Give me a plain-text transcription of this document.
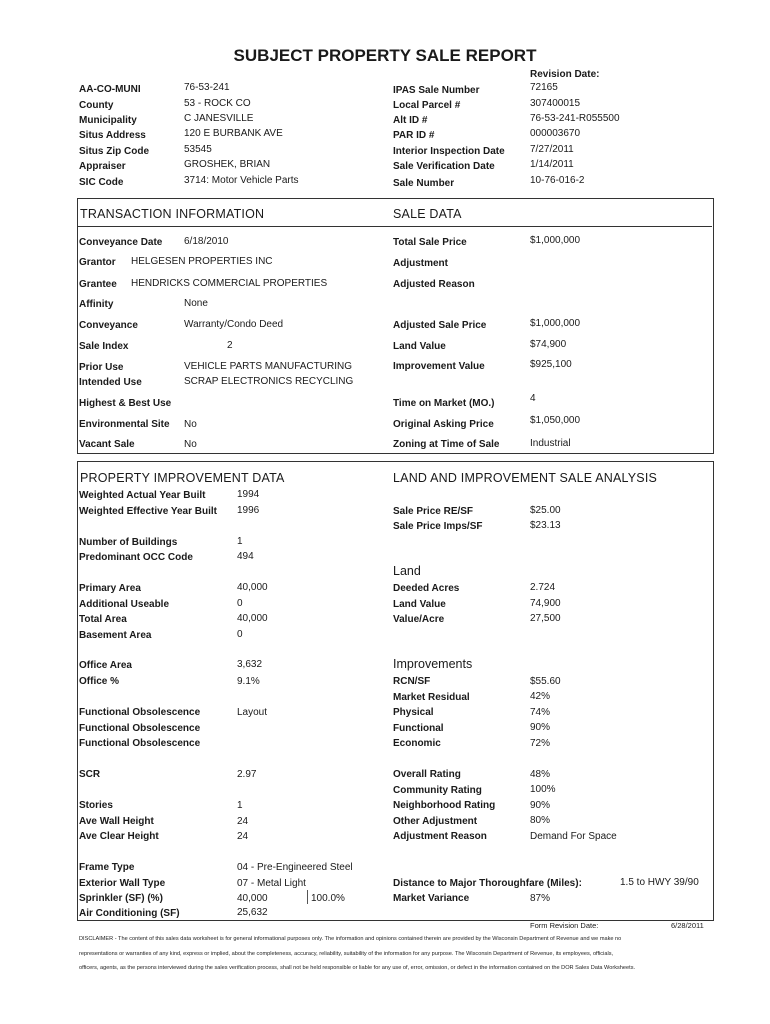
SUBJECT PROPERTY SALE REPORT
AA-CO-MUNI	76-53-241
County	53 - ROCK CO
Municipality	C JANESVILLE
Situs Address	120 E BURBANK AVE
Situs Zip Code	53545
Appraiser	GROSHEK, BRIAN
SIC Code	3714: Motor Vehicle Parts
Revision Date:
IPAS Sale Number	72165
Local Parcel #	307400015
Alt ID #	76-53-241-R055500
PAR ID #	000003670
Interior Inspection Date	7/27/2011
Sale Verification Date	1/14/2011
Sale Number	10-76-016-2
TRANSACTION INFORMATION	SALE DATA
Conveyance Date 6/18/2010
Grantor HELGESEN PROPERTIES INC
Grantee HENDRICKS COMMERCIAL PROPERTIES
Affinity	None
Conveyance	Warranty/Condo Deed
Sale Index	2
Prior Use	VEHICLE PARTS MANUFACTURING
Intended Use	SCRAP ELECTRONICS RECYCLING
Highest & Best Use
Environmental Site No
Vacant Sale	No
Total Sale Price	$1,000,000
Adjustment
Adjusted Reason
Adjusted Sale Price	$1,000,000
Land Value	$74,900
Improvement Value	$925,100
Time on Market (MO.)	4
Original Asking Price	$1,050,000
Zoning at Time of Sale	Industrial
PROPERTY IMPROVEMENT DATA	LAND AND IMPROVEMENT SALE ANALYSIS
Weighted Actual Year Built	1994
Weighted Effective Year Built 1996
Number of Buildings	1
Predominant OCC Code	494
Primary Area	40,000
Additional Useable	0
Total Area	40,000
Basement Area	0
Office Area	3,632
Office %	9.1%
Functional Obsolescence	Layout
Functional Obsolescence
Functional Obsolescence
SCR	2.97
Stories	1
Ave Wall Height	24
Ave Clear Height	24
Frame Type	04 - Pre-Engineered Steel
Exterior Wall Type	07 - Metal Light
Sprinkler (SF) (%)	40,000	100.0%
Air Conditioning (SF)	25,632
Sale Price RE/SF	$25.00
Sale Price Imps/SF	$23.13
Land
Deeded Acres	2.724
Land Value	74,900
Value/Acre	27,500
Improvements
RCN/SF	$55.60
Market Residual	42%
Physical	74%
Functional	90%
Economic	72%
Overall Rating	48%
Community Rating	100%
Neighborhood Rating	90%
Other Adjustment	80%
Adjustment Reason	Demand For Space
Distance to Major Thoroughfare (Miles):	1.5 to HWY 39/90
Market Variance	87%
Form Revision Date:	6/28/2011
DISCLAIMER - The content of this sales data worksheet is for general informational purposes only. The information and opinions contained therein are provided by the Wisconsin Department of Revenue and we make no
representations or warranties of any kind, express or implied, about the completeness, accuracy, reliability, suitability of the information for any purpose. The Wisconsin Department of Revenue, its employees, officials,
officers, agents, as the persons interviewed during the sales verification process, shall not be held responsible or liable for any use of, error, omission, or defect in the information contained on the DOR Sales Data Worksheets.
